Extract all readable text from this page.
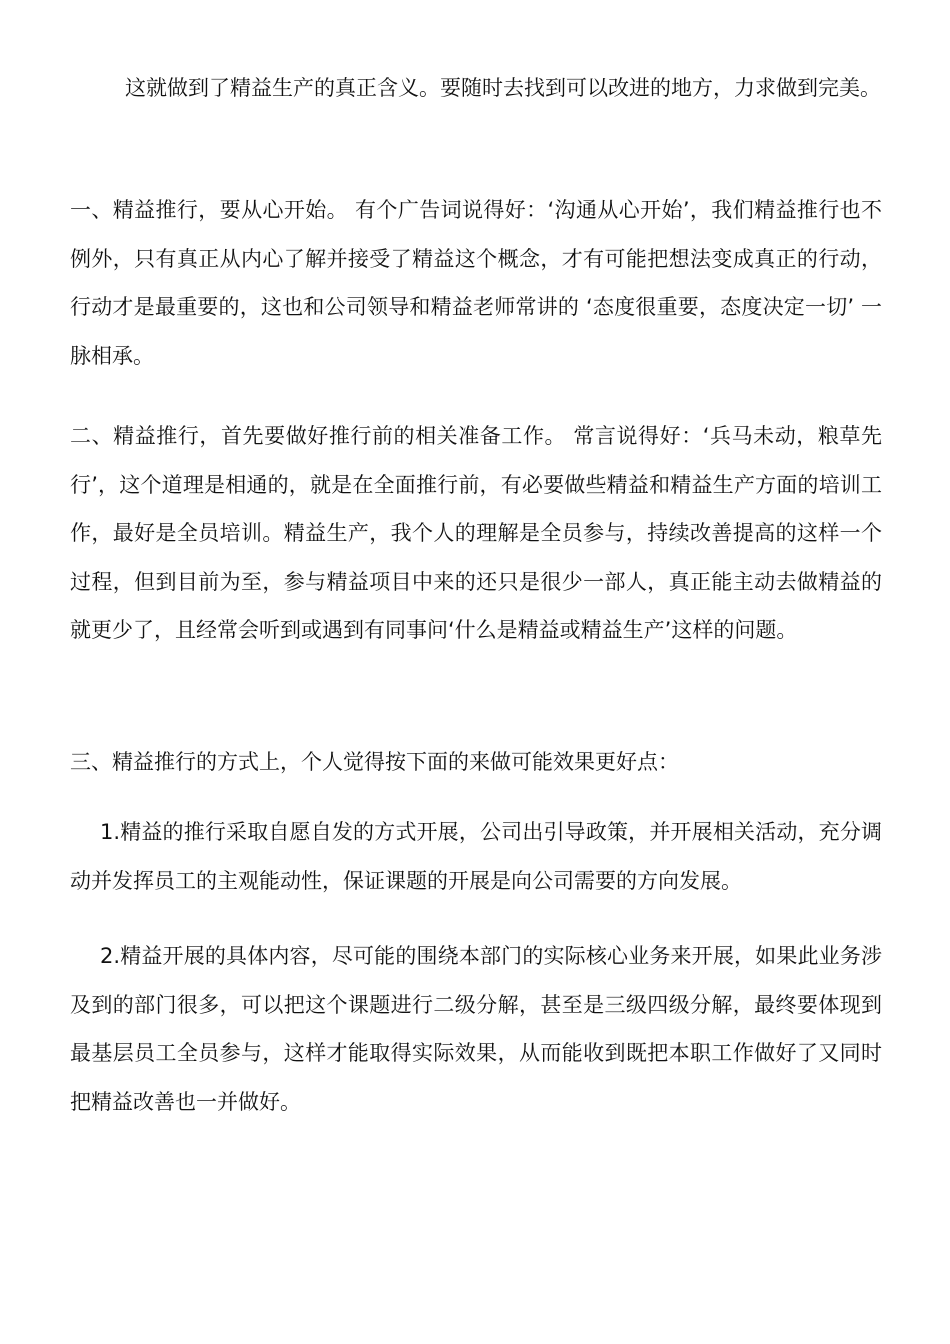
这就做到了精益生产的真正含义。要随时去找到可以改进的地方，力求做到完美。

一、精益推行，要从心开始。 有个广告词说得好：‘沟通从心开始’，我们精益推行也不例外，只有真正从内心了解并接受了精益这个概念，才有可能把想法变成真正的行动，行动才是最重要的，这也和公司领导和精益老师常讲的 ‘态度很重要，态度决定一切’ 一脉相承。

二、精益推行，首先要做好推行前的相关准备工作。 常言说得好：‘兵马未动，粮草先行’，这个道理是相通的，就是在全面推行前，有必要做些精益和精益生产方面的培训工作，最好是全员培训。精益生产，我个人的理解是全员参与，持续改善提高的这样一个过程，但到目前为至，参与精益项目中来的还只是很少一部人，真正能主动去做精益的就更少了，且经常会听到或遇到有同事问‘什么是精益或精益生产’这样的问题。

三、精益推行的方式上，个人觉得按下面的来做可能效果更好点：

1.精益的推行采取自愿自发的方式开展，公司出引导政策，并开展相关活动，充分调动并发挥员工的主观能动性，保证课题的开展是向公司需要的方向发展。

2.精益开展的具体内容，尽可能的围绕本部门的实际核心业务来开展，如果此业务涉及到的部门很多，可以把这个课题进行二级分解，甚至是三级四级分解，最终要体现到最基层员工全员参与，这样才能取得实际效果，从而能收到既把本职工作做好了又同时把精益改善也一并做好。
